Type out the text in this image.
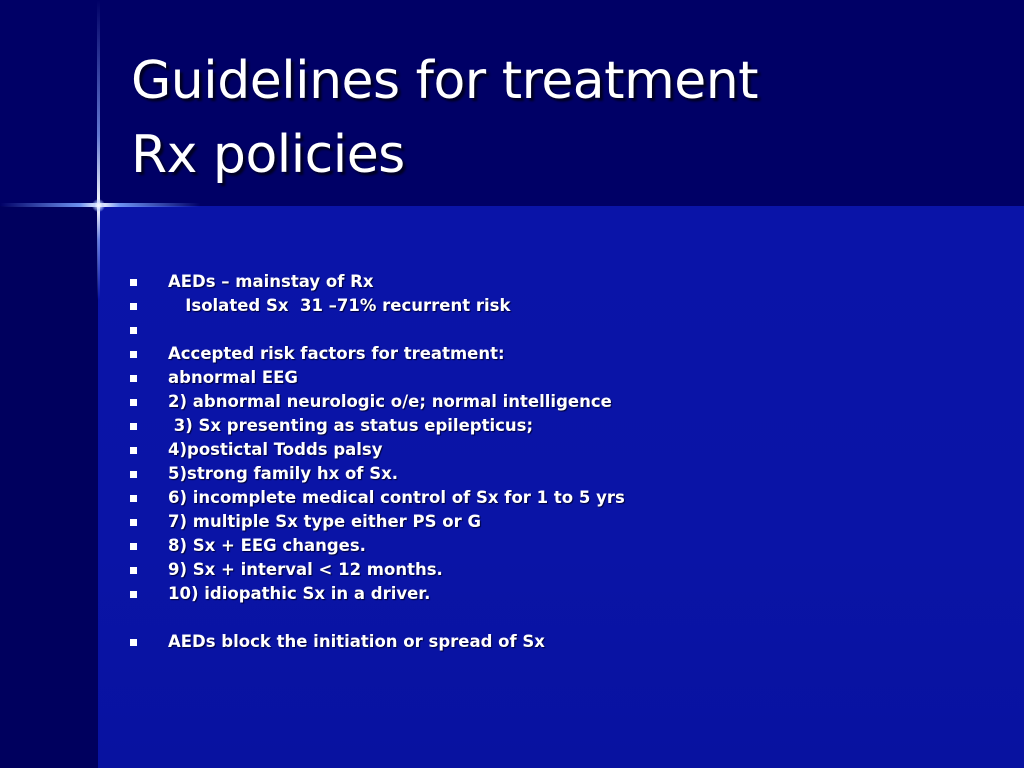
Guidelines for treatment
Rx policies
AEDs – mainstay of Rx
Isolated Sx  31 –71% recurrent risk
Accepted risk factors for treatment:
abnormal EEG
2) abnormal neurologic o/e; normal intelligence
3) Sx presenting as status epilepticus;
4)postictal Todds palsy
5)strong family hx of Sx.
6) incomplete medical control of Sx for 1 to 5 yrs
7) multiple Sx type either PS or G
8) Sx + EEG changes.
9) Sx + interval < 12 months.
10) idiopathic Sx in a driver.
AEDs block the initiation or spread of Sx
